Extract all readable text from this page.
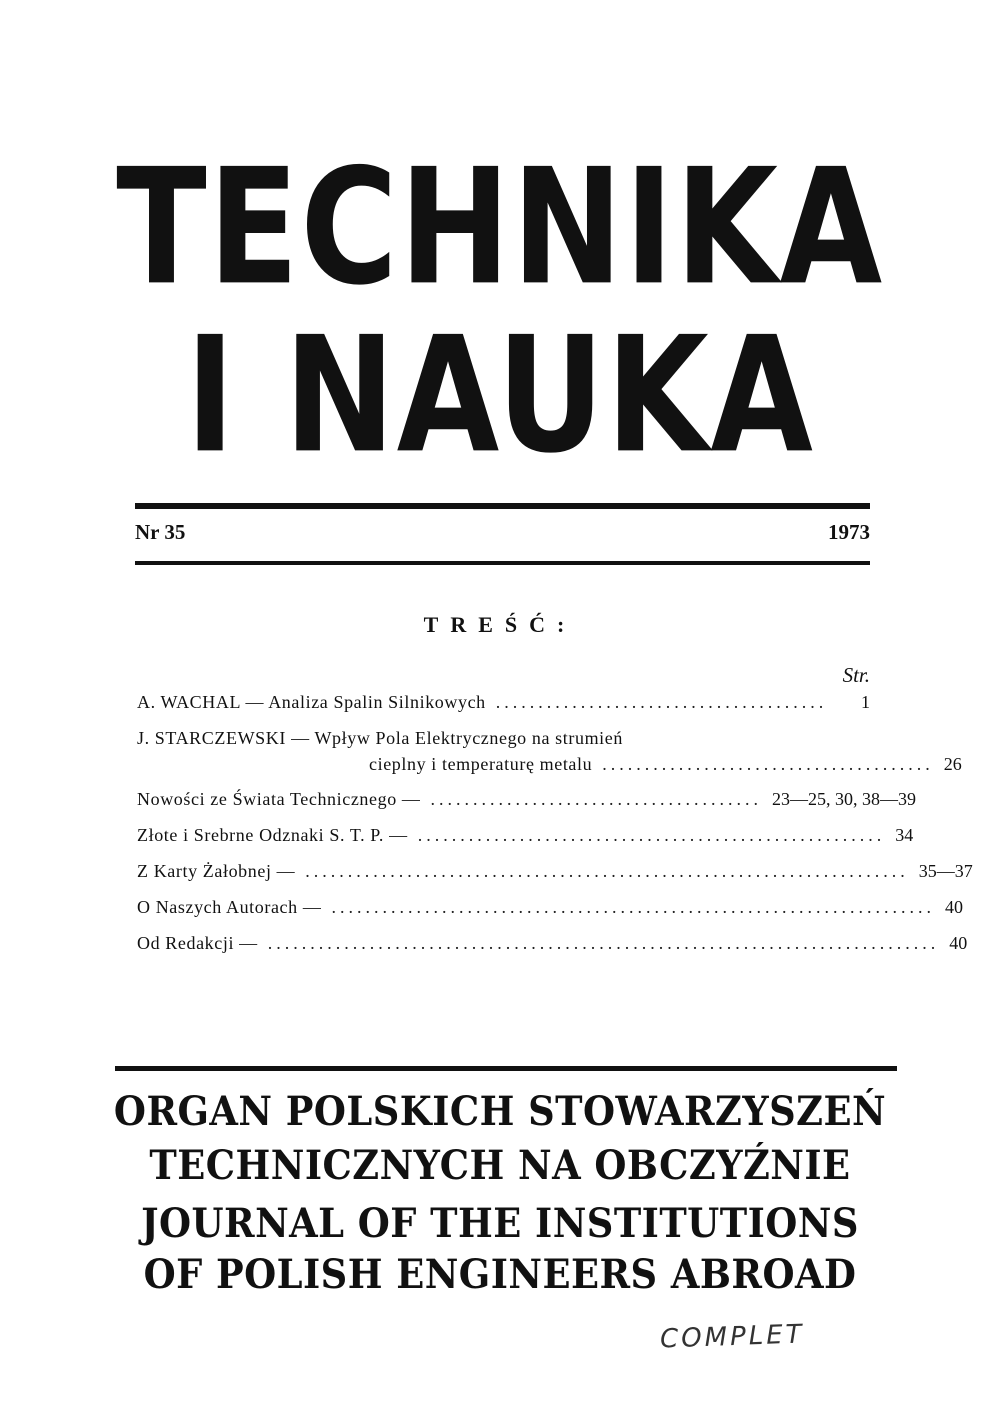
TECHNIKA
I NAUKA
Nr 35	1973
TREŚĆ:
Str.
A. WACHAL — Analiza Spalin Silnikowych .......................................	1
J. STARCZEWSKI — Wpływ Pola Elektrycznego na strumień
cieplny i temperaturę metalu ....................................... 26
Nowości ze Świata Technicznego — ....................................... 23—25, 30, 38—39
Złote i Srebrne Odznaki S. T. P. — ....................................................... 34
Z Karty Żałobnej — ....................................................................... 35—37
O Naszych Autorach — ....................................................................... 40
Od Redakcji — ............................................................................... 40
ORGAN POLSKICH STOWARZYSZEŃ
TECHNICZNYCH NA OBCZYŹNIE
JOURNAL OF THE INSTITUTIONS
OF POLISH ENGINEERS ABROAD
COMPLET
